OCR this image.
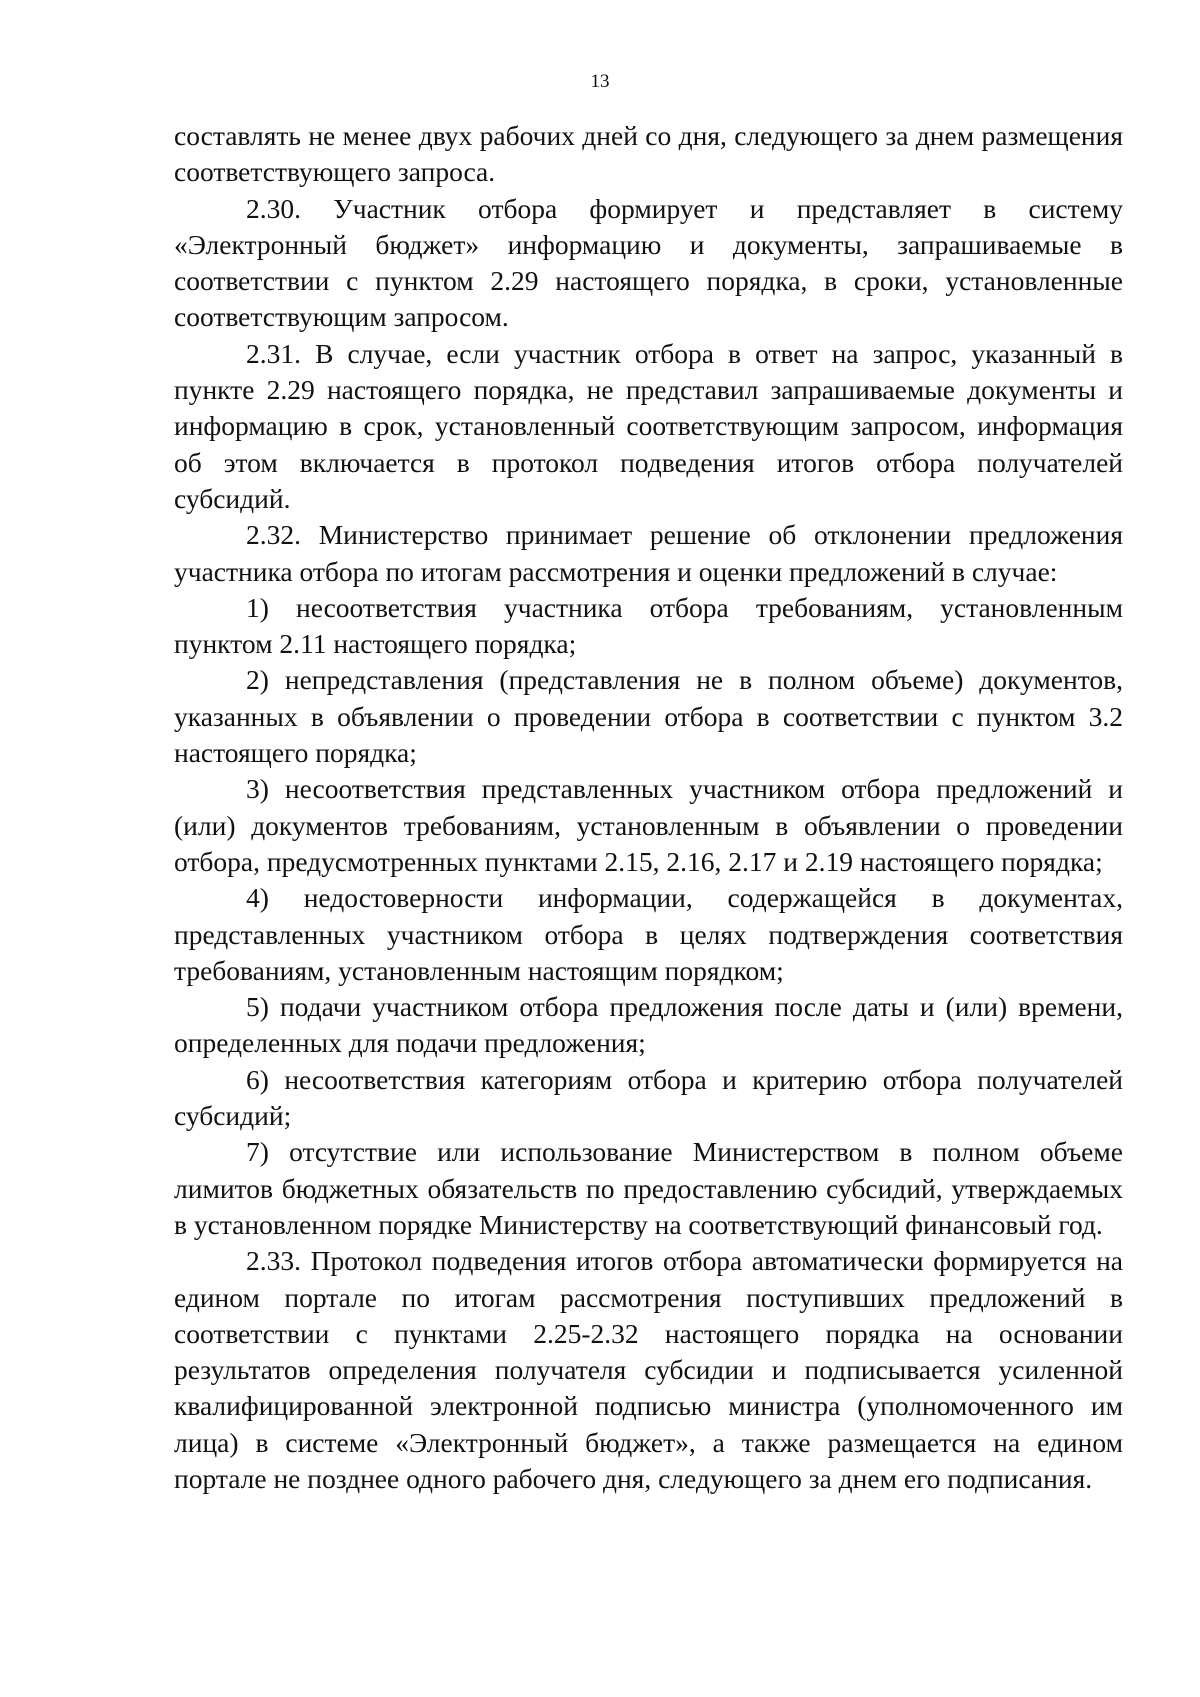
13

составлять не менее двух рабочих дней со дня, следующего за днем размещения соответствующего запроса.

2.30. Участник отбора формирует и представляет в систему «Электронный бюджет» информацию и документы, запрашиваемые в соответствии с пунктом 2.29 настоящего порядка, в сроки, установленные соответствующим запросом.

2.31. В случае, если участник отбора в ответ на запрос, указанный в пункте 2.29 настоящего порядка, не представил запрашиваемые документы и информацию в срок, установленный соответствующим запросом, информация об этом включается в протокол подведения итогов отбора получателей субсидий.

2.32. Министерство принимает решение об отклонении предложения участника отбора по итогам рассмотрения и оценки предложений в случае:

1) несоответствия участника отбора требованиям, установленным пунктом 2.11 настоящего порядка;

2) непредставления (представления не в полном объеме) документов, указанных в объявлении о проведении отбора в соответствии с пунктом 3.2 настоящего порядка;

3) несоответствия представленных участником отбора предложений и (или) документов требованиям, установленным в объявлении о проведении отбора, предусмотренных пунктами 2.15, 2.16, 2.17 и 2.19 настоящего порядка;

4) недостоверности информации, содержащейся в документах, представленных участником отбора в целях подтверждения соответствия требованиям, установленным настоящим порядком;

5) подачи участником отбора предложения после даты и (или) времени, определенных для подачи предложения;

6) несоответствия категориям отбора и критерию отбора получателей субсидий;

7) отсутствие или использование Министерством в полном объеме лимитов бюджетных обязательств по предоставлению субсидий, утверждаемых в установленном порядке Министерству на соответствующий финансовый год.

2.33. Протокол подведения итогов отбора автоматически формируется на едином портале по итогам рассмотрения поступивших предложений в соответствии с пунктами 2.25-2.32 настоящего порядка на основании результатов определения получателя субсидии и подписывается усиленной квалифицированной электронной подписью министра (уполномоченного им лица) в системе «Электронный бюджет», а также размещается на едином портале не позднее одного рабочего дня, следующего за днем его подписания.
